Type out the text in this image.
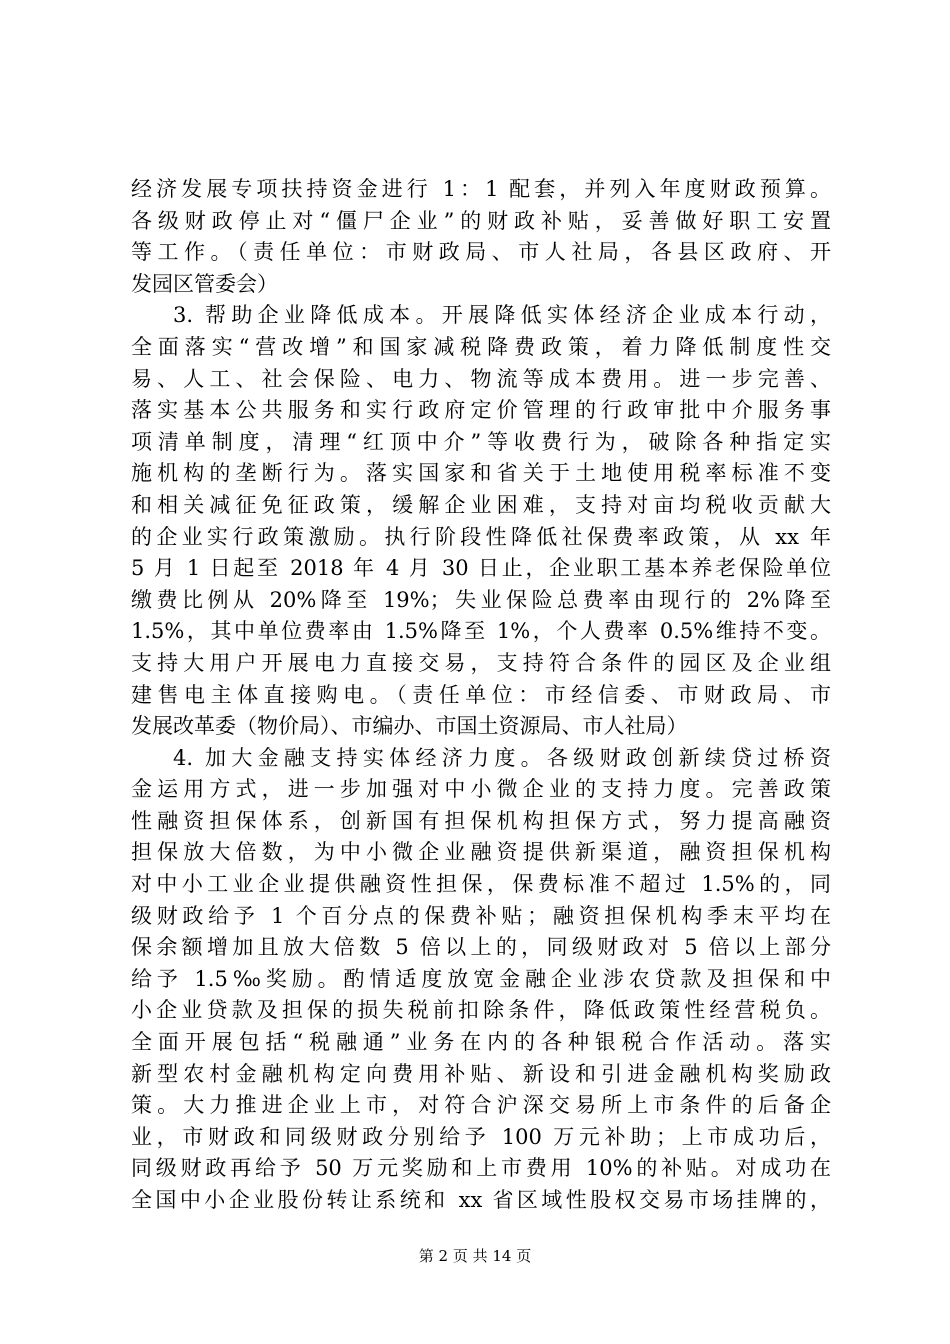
经济发展专项扶持资金进行 1：1 配套，并列入年度财政预算。
各级财政停止对“僵尸企业”的财政补贴，妥善做好职工安置
等工作。（责任单位：市财政局、市人社局，各县区政府、开
发园区管委会）
3. 帮助企业降低成本。开展降低实体经济企业成本行动，
全面落实“营改增”和国家减税降费政策，着力降低制度性交
易、人工、社会保险、电力、物流等成本费用。进一步完善、
落实基本公共服务和实行政府定价管理的行政审批中介服务事
项清单制度，清理“红顶中介”等收费行为，破除各种指定实
施机构的垄断行为。落实国家和省关于土地使用税率标准不变
和相关减征免征政策，缓解企业困难，支持对亩均税收贡献大
的企业实行政策激励。执行阶段性降低社保费率政策，从 xx 年
5 月 1 日起至 2018 年 4 月 30 日止，企业职工基本养老保险单位
缴费比例从 20%降至 19%；失业保险总费率由现行的 2%降至
1.5%，其中单位费率由 1.5%降至 1%，个人费率 0.5%维持不变。
支持大用户开展电力直接交易，支持符合条件的园区及企业组
建售电主体直接购电。（责任单位：市经信委、市财政局、市
发展改革委（物价局）、市编办、市国土资源局、市人社局）
4. 加大金融支持实体经济力度。各级财政创新续贷过桥资
金运用方式，进一步加强对中小微企业的支持力度。完善政策
性融资担保体系，创新国有担保机构担保方式，努力提高融资
担保放大倍数，为中小微企业融资提供新渠道，融资担保机构
对中小工业企业提供融资性担保，保费标准不超过 1.5%的，同
级财政给予 1 个百分点的保费补贴；融资担保机构季末平均在
保余额增加且放大倍数 5 倍以上的，同级财政对 5 倍以上部分
给予 1.5‰奖励。酌情适度放宽金融企业涉农贷款及担保和中
小企业贷款及担保的损失税前扣除条件，降低政策性经营税负。
全面开展包括“税融通”业务在内的各种银税合作活动。落实
新型农村金融机构定向费用补贴、新设和引进金融机构奖励政
策。大力推进企业上市，对符合沪深交易所上市条件的后备企
业，市财政和同级财政分别给予 100 万元补助；上市成功后，
同级财政再给予 50 万元奖励和上市费用 10%的补贴。对成功在
全国中小企业股份转让系统和 xx 省区域性股权交易市场挂牌的，
第 2 页 共 14 页
